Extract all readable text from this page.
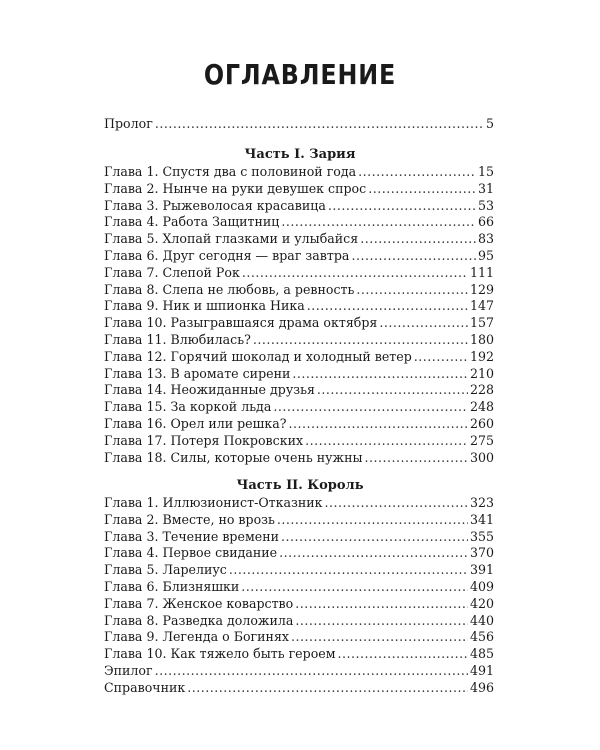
ОГЛАВЛЕНИЕ
Пролог .....	5
Часть I. Зария
Глава 1. Спустя два с половиной года .....	15
Глава 2. Нынче на руки девушек спрос .....	31
Глава 3. Рыжеволосая красавица .....	53
Глава 4. Работа Защитниц .....	66
Глава 5. Хлопай глазками и улыбайся .....	83
Глава 6. Друг сегодня — враг завтра .....	95
Глава 7. Слепой Рок .....	111
Глава 8. Слепа не любовь, а ревность .....	129
Глава 9. Ник и шпионка Ника .....	147
Глава 10. Разыгравшаяся драма октября .....	157
Глава 11. Влюбилась? .....	180
Глава 12. Горячий шоколад и холодный ветер .....	192
Глава 13. В аромате сирени .....	210
Глава 14. Неожиданные друзья .....	228
Глава 15. За коркой льда .....	248
Глава 16. Орел или решка? .....	260
Глава 17. Потеря Покровских .....	275
Глава 18. Силы, которые очень нужны .....	300
Часть II. Король
Глава 1. Иллюзионист-Отказник .....	323
Глава 2. Вместе, но врозь .....	341
Глава 3. Течение времени .....	355
Глава 4. Первое свидание .....	370
Глава 5. Ларелиус .....	391
Глава 6. Близняшки .....	409
Глава 7. Женское коварство .....	420
Глава 8. Разведка доложила .....	440
Глава 9. Легенда о Богинях .....	456
Глава 10. Как тяжело быть героем .....	485
Эпилог .....	491
Справочник .....	496
